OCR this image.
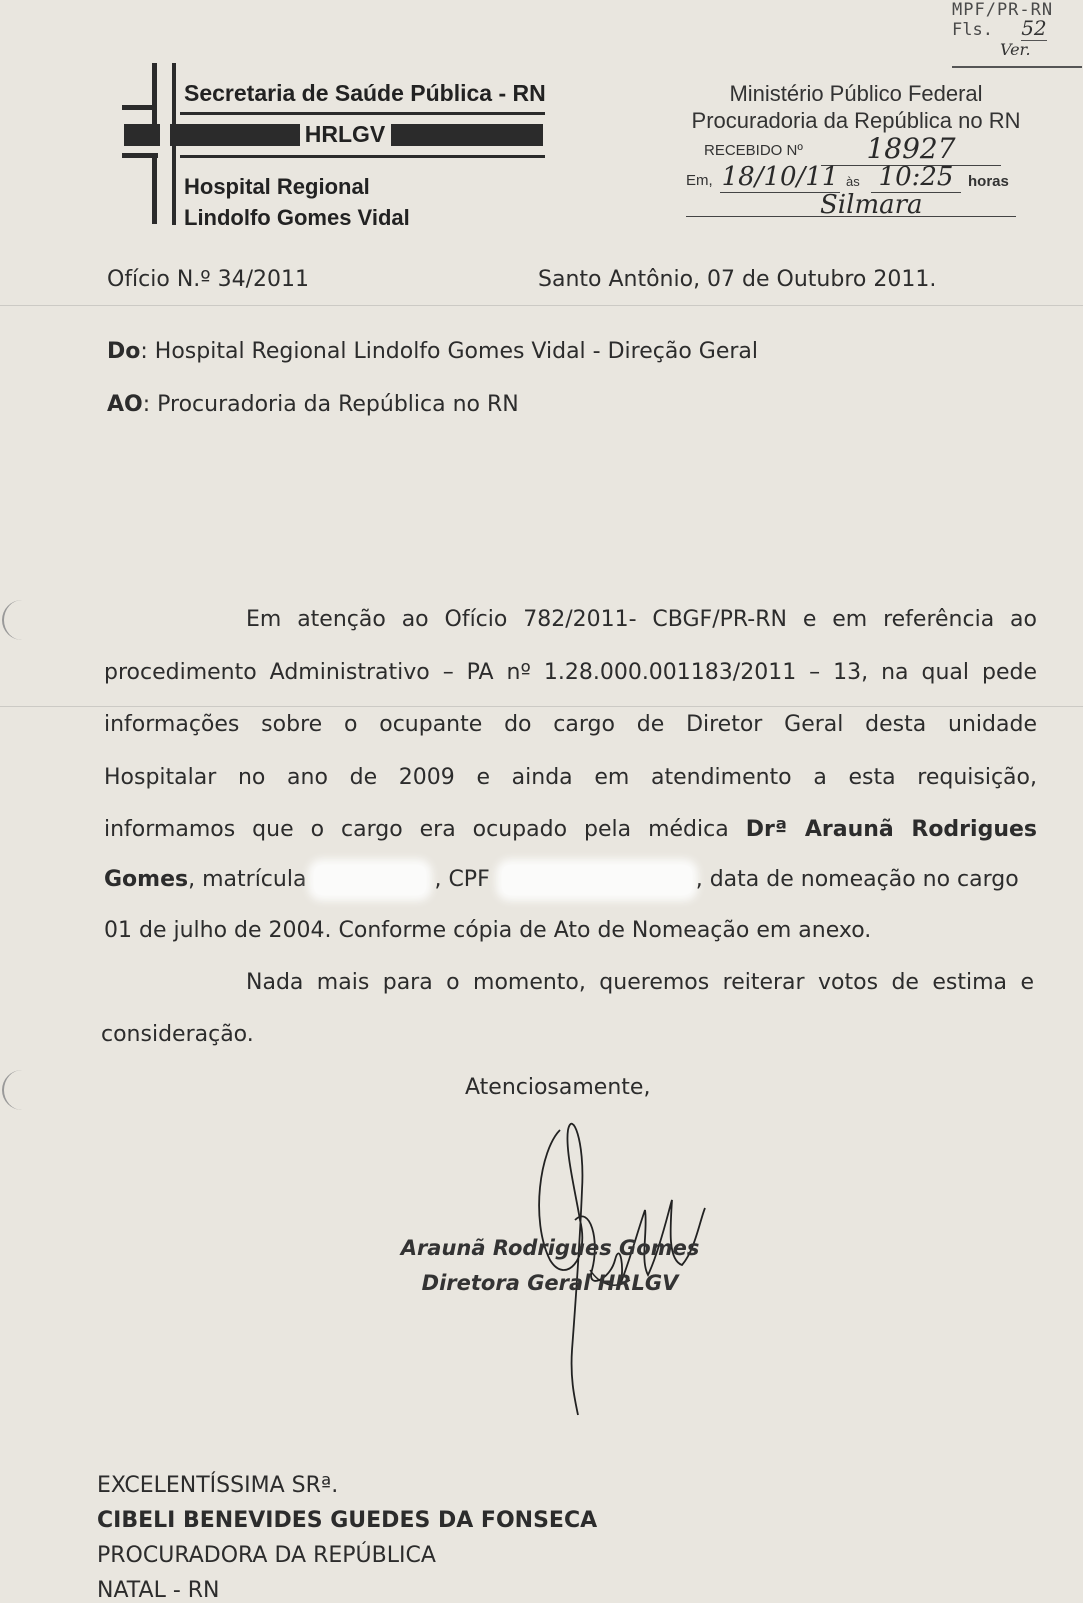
MPF/PR-RN
Fls. 52
Ver.
Secretaria de Saúde Pública - RN
HRLGV
Hospital Regional
Lindolfo Gomes Vidal
Ministério Público Federal
Procuradoria da República no RN
RECEBIDO Nº	18927
Em, 18/10/11 às 10:25 horas
Silmara
Ofício N.º 34/2011	Santo Antônio, 07 de Outubro 2011.
Do: Hospital Regional Lindolfo Gomes Vidal - Direção Geral
AO: Procuradoria da República no RN
Em atenção ao Ofício 782/2011- CBGF/PR-RN e em referência ao
procedimento Administrativo – PA nº 1.28.000.001183/2011 – 13, na qual pede
informações sobre o ocupante do cargo de Diretor Geral desta unidade
Hospitalar no ano de 2009 e ainda em atendimento a esta requisição,
informamos que o cargo era ocupado pela médica Drª Araunã Rodrigues
Gomes, matrícula	, CPF	, data de nomeação no cargo
01 de julho de 2004. Conforme cópia de Ato de Nomeação em anexo.
Nada mais para o momento, queremos reiterar votos de estima e
consideração.
Atenciosamente,
Araunã Rodrigues Gomes
Diretora Geral HRLGV
EXCELENTÍSSIMA SRª.
CIBELI BENEVIDES GUEDES DA FONSECA
PROCURADORA DA REPÚBLICA
NATAL - RN
